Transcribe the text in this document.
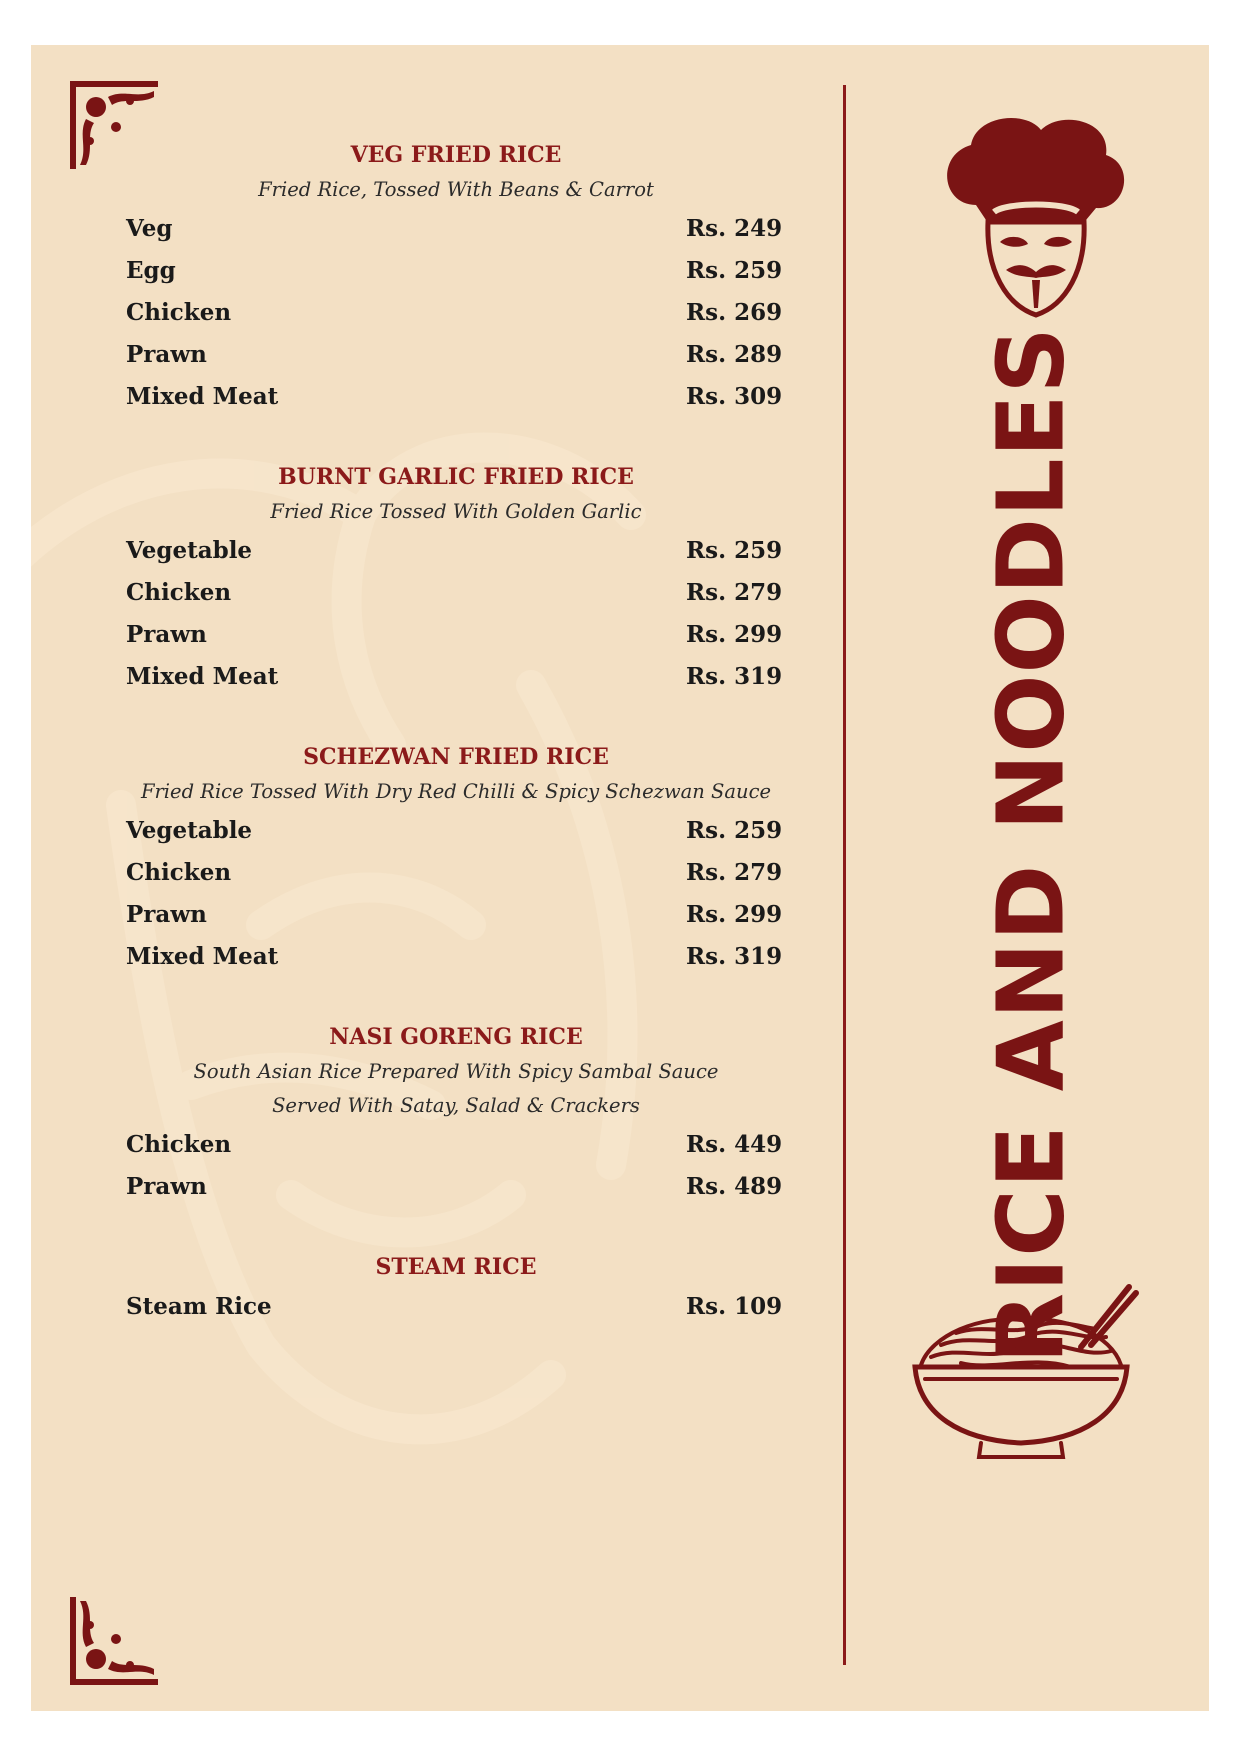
VEG FRIED RICE
Fried Rice, Tossed With Beans & Carrot
Veg	Rs. 249
Egg	Rs. 259
Chicken	Rs. 269
Prawn	Rs. 289
Mixed Meat	Rs. 309
BURNT GARLIC FRIED RICE
Fried Rice Tossed With Golden Garlic
Vegetable	Rs. 259
Chicken	Rs. 279
Prawn	Rs. 299
Mixed Meat	Rs. 319
SCHEZWAN FRIED RICE
Fried Rice Tossed With Dry Red Chilli & Spicy Schezwan Sauce
Vegetable	Rs. 259
Chicken	Rs. 279
Prawn	Rs. 299
Mixed Meat	Rs. 319
NASI GORENG RICE
South Asian Rice Prepared With Spicy Sambal Sauce
Served With Satay, Salad & Crackers
Chicken	Rs. 449
Prawn	Rs. 489
STEAM RICE
Steam Rice	Rs. 109 RICE AND NOODLES
